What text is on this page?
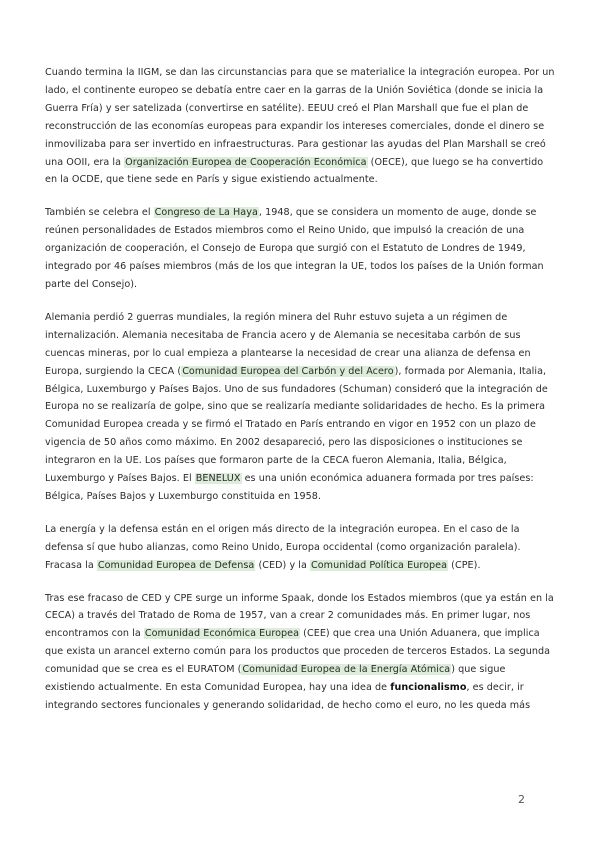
Cuando termina la IIGM, se dan las circunstancias para que se materialice la integración europea. Por un lado, el continente europeo se debatía entre caer en la garras de la Unión Soviética (donde se inicia la Guerra Fría) y ser satelizada (convertirse en satélite). EEUU creó el Plan Marshall que fue el plan de reconstrucción de las economías europeas para expandir los intereses comerciales, donde el dinero se inmovilizaba para ser invertido en infraestructuras. Para gestionar las ayudas del Plan Marshall se creó una OOII, era la Organización Europea de Cooperación Económica (OECE), que luego se ha convertido en la OCDE, que tiene sede en París y sigue existiendo actualmente.

También se celebra el Congreso de La Haya, 1948, que se considera un momento de auge, donde se reúnen personalidades de Estados miembros como el Reino Unido, que impulsó la creación de una organización de cooperación, el Consejo de Europa que surgió con el Estatuto de Londres de 1949, integrado por 46 países miembros (más de los que integran la UE, todos los países de la Unión forman parte del Consejo).

Alemania perdió 2 guerras mundiales, la región minera del Ruhr estuvo sujeta a un régimen de internalización. Alemania necesitaba de Francia acero y de Alemania se necesitaba carbón de sus cuencas mineras, por lo cual empieza a plantearse la necesidad de crear una alianza de defensa en Europa, surgiendo la CECA (Comunidad Europea del Carbón y del Acero), formada por Alemania, Italia, Bélgica, Luxemburgo y Países Bajos. Uno de sus fundadores (Schuman) consideró que la integración de Europa no se realizaría de golpe, sino que se realizaría mediante solidaridades de hecho. Es la primera Comunidad Europea creada y se firmó el Tratado en París entrando en vigor en 1952 con un plazo de vigencia de 50 años como máximo. En 2002 desapareció, pero las disposiciones o instituciones se integraron en la UE. Los países que formaron parte de la CECA fueron Alemania, Italia, Bélgica, Luxemburgo y Países Bajos. El BENELUX es una unión económica aduanera formada por tres países: Bélgica, Países Bajos y Luxemburgo constituida en 1958.

La energía y la defensa están en el origen más directo de la integración europea. En el caso de la defensa sí que hubo alianzas, como Reino Unido, Europa occidental (como organización paralela). Fracasa la Comunidad Europea de Defensa (CED) y la Comunidad Política Europea (CPE).

Tras ese fracaso de CED y CPE surge un informe Spaak, donde los Estados miembros (que ya están en la CECA) a través del Tratado de Roma de 1957, van a crear 2 comunidades más. En primer lugar, nos encontramos con la Comunidad Económica Europea (CEE) que crea una Unión Aduanera, que implica que exista un arancel externo común para los productos que proceden de terceros Estados. La segunda comunidad que se crea es el EURATOM (Comunidad Europea de la Energía Atómica) que sigue existiendo actualmente. En esta Comunidad Europea, hay una idea de funcionalismo, es decir, ir integrando sectores funcionales y generando solidaridad, de hecho como el euro, no les queda más

2
